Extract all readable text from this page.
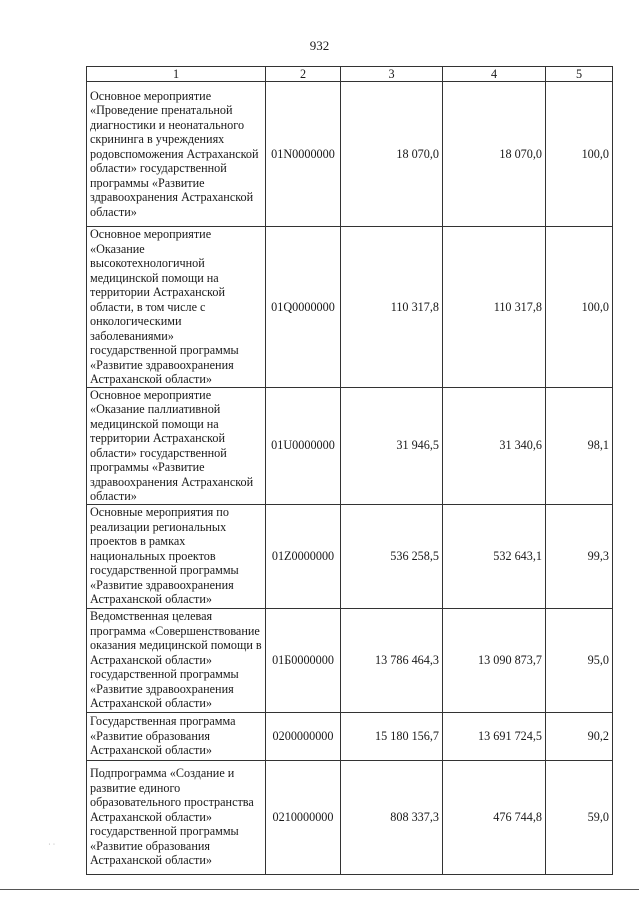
932
1	2	3	4	5
Основное мероприятие «Проведение пренатальной диагностики и неонатального скрининга в учреждениях родовспоможения Астраханской области» государственной программы «Развитие здравоохранения Астраханской области»	01N0000000	18 070,0	18 070,0	100,0
Основное мероприятие «Оказание высокотехнологичной медицинской помощи на территории Астраханской области, в том числе с онкологическими заболеваниями» государственной программы «Развитие здравоохранения Астраханской области»	01Q0000000	110 317,8	110 317,8	100,0
Основное мероприятие «Оказание паллиативной медицинской помощи на территории Астраханской области» государственной программы «Развитие здравоохранения Астраханской области»	01U0000000	31 946,5	31 340,6	98,1
Основные мероприятия по реализации региональных проектов в рамках национальных проектов государственной программы «Развитие здравоохранения Астраханской области»	01Z0000000	536 258,5	532 643,1	99,3
Ведомственная целевая программа «Совершенствование оказания медицинской помощи в Астраханской области» государственной программы «Развитие здравоохранения Астраханской области»	01Б0000000	13 786 464,3	13 090 873,7	95,0
Государственная программа «Развитие образования Астраханской области»	0200000000	15 180 156,7	13 691 724,5	90,2
Подпрограмма «Создание и развитие единого образовательного пространства Астраханской области» государственной программы «Развитие образования Астраханской области»	0210000000	808 337,3	476 744,8	59,0
˙ ˙
